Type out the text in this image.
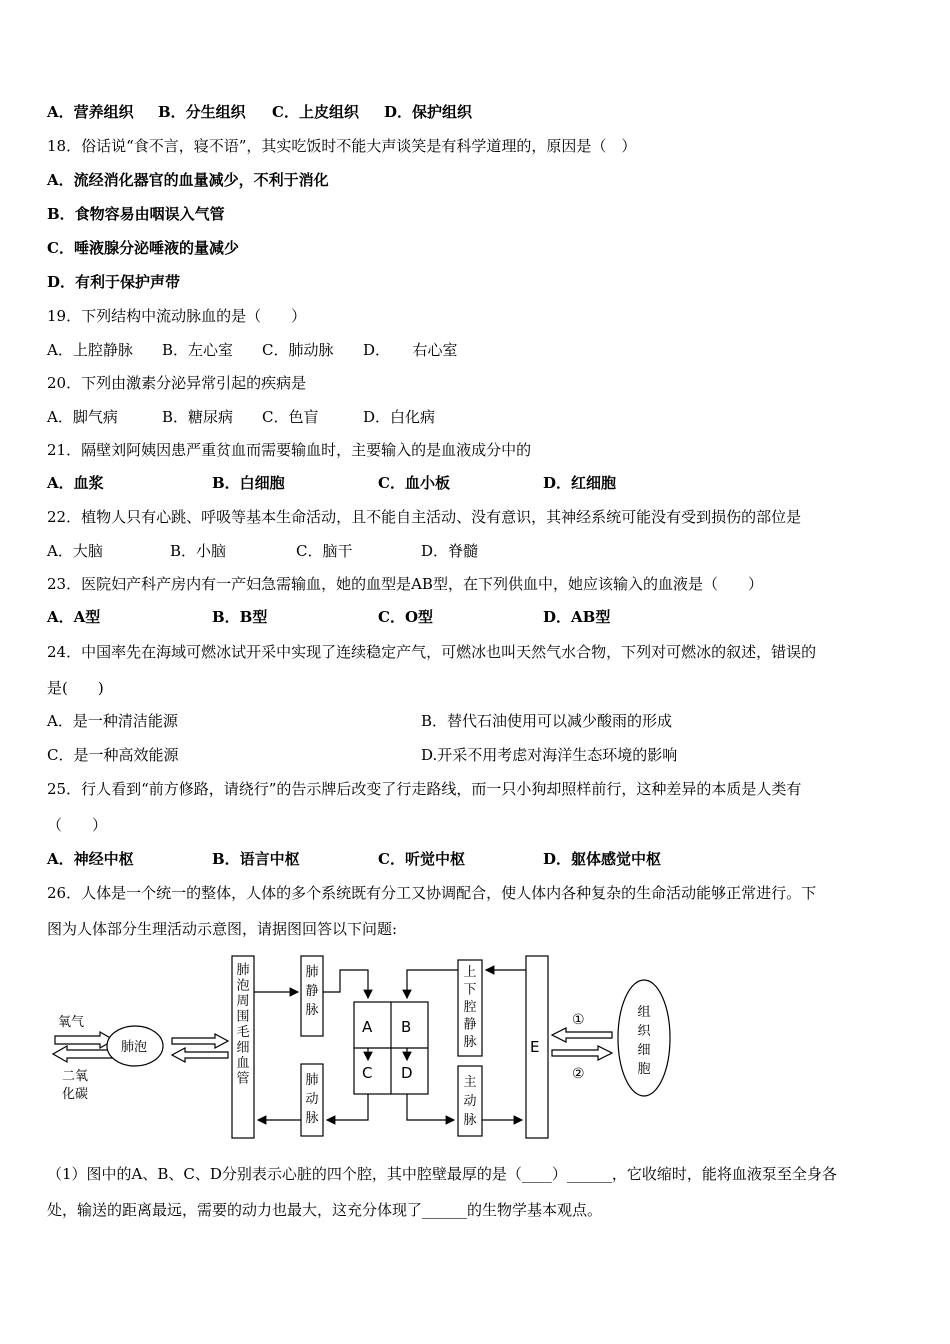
A．营养组织 B．分生组织 C．上皮组织 D．保护组织
18．俗话说“食不言，寝不语”，其实吃饭时不能大声谈笑是有科学道理的，原因是（　）
A．流经消化器官的血量减少，不利于消化
B．食物容易由咽误入气管
C．唾液腺分泌唾液的量减少
D．有利于保护声带
19．下列结构中流动脉血的是（　　）
A．上腔静脉 B．左心室 C．肺动脉 D．　　右心室
20．下列由激素分泌异常引起的疾病是
A．脚气病	B．糖尿病 C．色盲	D．白化病
21．隔壁刘阿姨因患严重贫血而需要输血时，主要输入的是血液成分中的
A．血浆	B．白细胞	C．血小板	D．红细胞
22．植物人只有心跳、呼吸等基本生命活动，且不能自主活动、没有意识，其神经系统可能没有受到损伤的部位是
A．大脑	B．小脑	C．脑干	D．脊髓
23．医院妇产科产房内有一产妇急需输血，她的血型是AB型，在下列供血中，她应该输入的血液是（　　）
A．A型	B．B型	C．O型	D．AB型
24．中国率先在海域可燃冰试开采中实现了连续稳定产气，可燃冰也叫天然气水合物，下列对可燃冰的叙述，错误的
是(　　)
A．是一种清洁能源	B．替代石油使用可以减少酸雨的形成
C．是一种高效能源	D.开采不用考虑对海洋生态环境的影响
25．行人看到“前方修路，请绕行”的告示牌后改变了行走路线，而一只小狗却照样前行，这种差异的本质是人类有
（　　）
A．神经中枢	B．语言中枢	C．听觉中枢	D．躯体感觉中枢
26．人体是一个统一的整体，人体的多个系统既有分工又协调配合，使人体内各种复杂的生命活动能够正常进行。下
图为人体部分生理活动示意图，请据图回答以下问题:
氧气
二氧
化碳
肺泡
A B
C D
E
①
②
肺泡周围毛细血管
肺静脉
肺动脉
上下腔静脉
主动脉
组织细胞
（1）图中的A、B、C、D分别表示心脏的四个腔，其中腔壁最厚的是（____）______，它收缩时，能将血液泵至全身各
处，输送的距离最远，需要的动力也最大，这充分体现了______的生物学基本观点。
